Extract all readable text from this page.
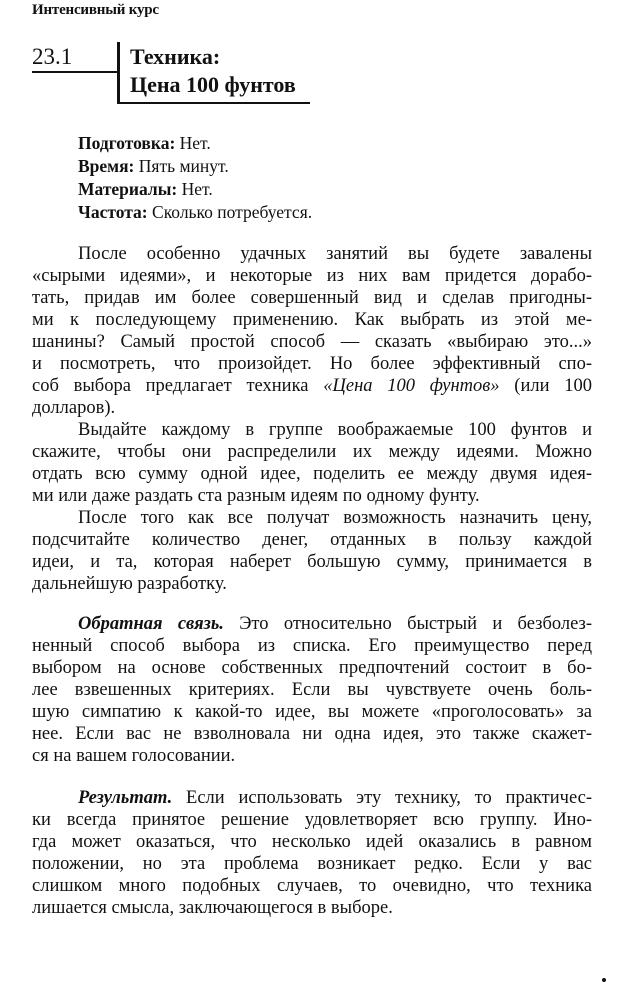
Интенсивный курс
23.1	Техника:
Цена 100 фунтов
Подготовка: Нет.
Время: Пять минут.
Материалы: Нет.
Частота: Сколько потребуется.
После особенно удачных занятий вы будете завалены
«сырыми идеями», и некоторые из них вам придется дорабо-
тать, придав им более совершенный вид и сделав пригодны-
ми к последующему применению. Как выбрать из этой ме-
шанины? Самый простой способ — сказать «выбираю это...»
и посмотреть, что произойдет. Но более эффективный спо-
соб выбора предлагает техника «Цена 100 фунтов» (или 100
долларов).
Выдайте каждому в группе воображаемые 100 фунтов и
скажите, чтобы они распределили их между идеями. Можно
отдать всю сумму одной идее, поделить ее между двумя идея-
ми или даже раздать ста разным идеям по одному фунту.
После того как все получат возможность назначить цену,
подсчитайте количество денег, отданных в пользу каждой
идеи, и та, которая наберет большую сумму, принимается в
дальнейшую разработку.
Обратная связь. Это относительно быстрый и безболез-
ненный способ выбора из списка. Его преимущество перед
выбором на основе собственных предпочтений состоит в бо-
лее взвешенных критериях. Если вы чувствуете очень боль-
шую симпатию к какой-то идее, вы можете «проголосовать» за
нее. Если вас не взволновала ни одна идея, это также скажет-
ся на вашем голосовании.
Результат. Если использовать эту технику, то практичес-
ки всегда принятое решение удовлетворяет всю группу. Ино-
гда может оказаться, что несколько идей оказались в равном
положении, но эта проблема возникает редко. Если у вас
слишком много подобных случаев, то очевидно, что техника
лишается смысла, заключающегося в выборе.
